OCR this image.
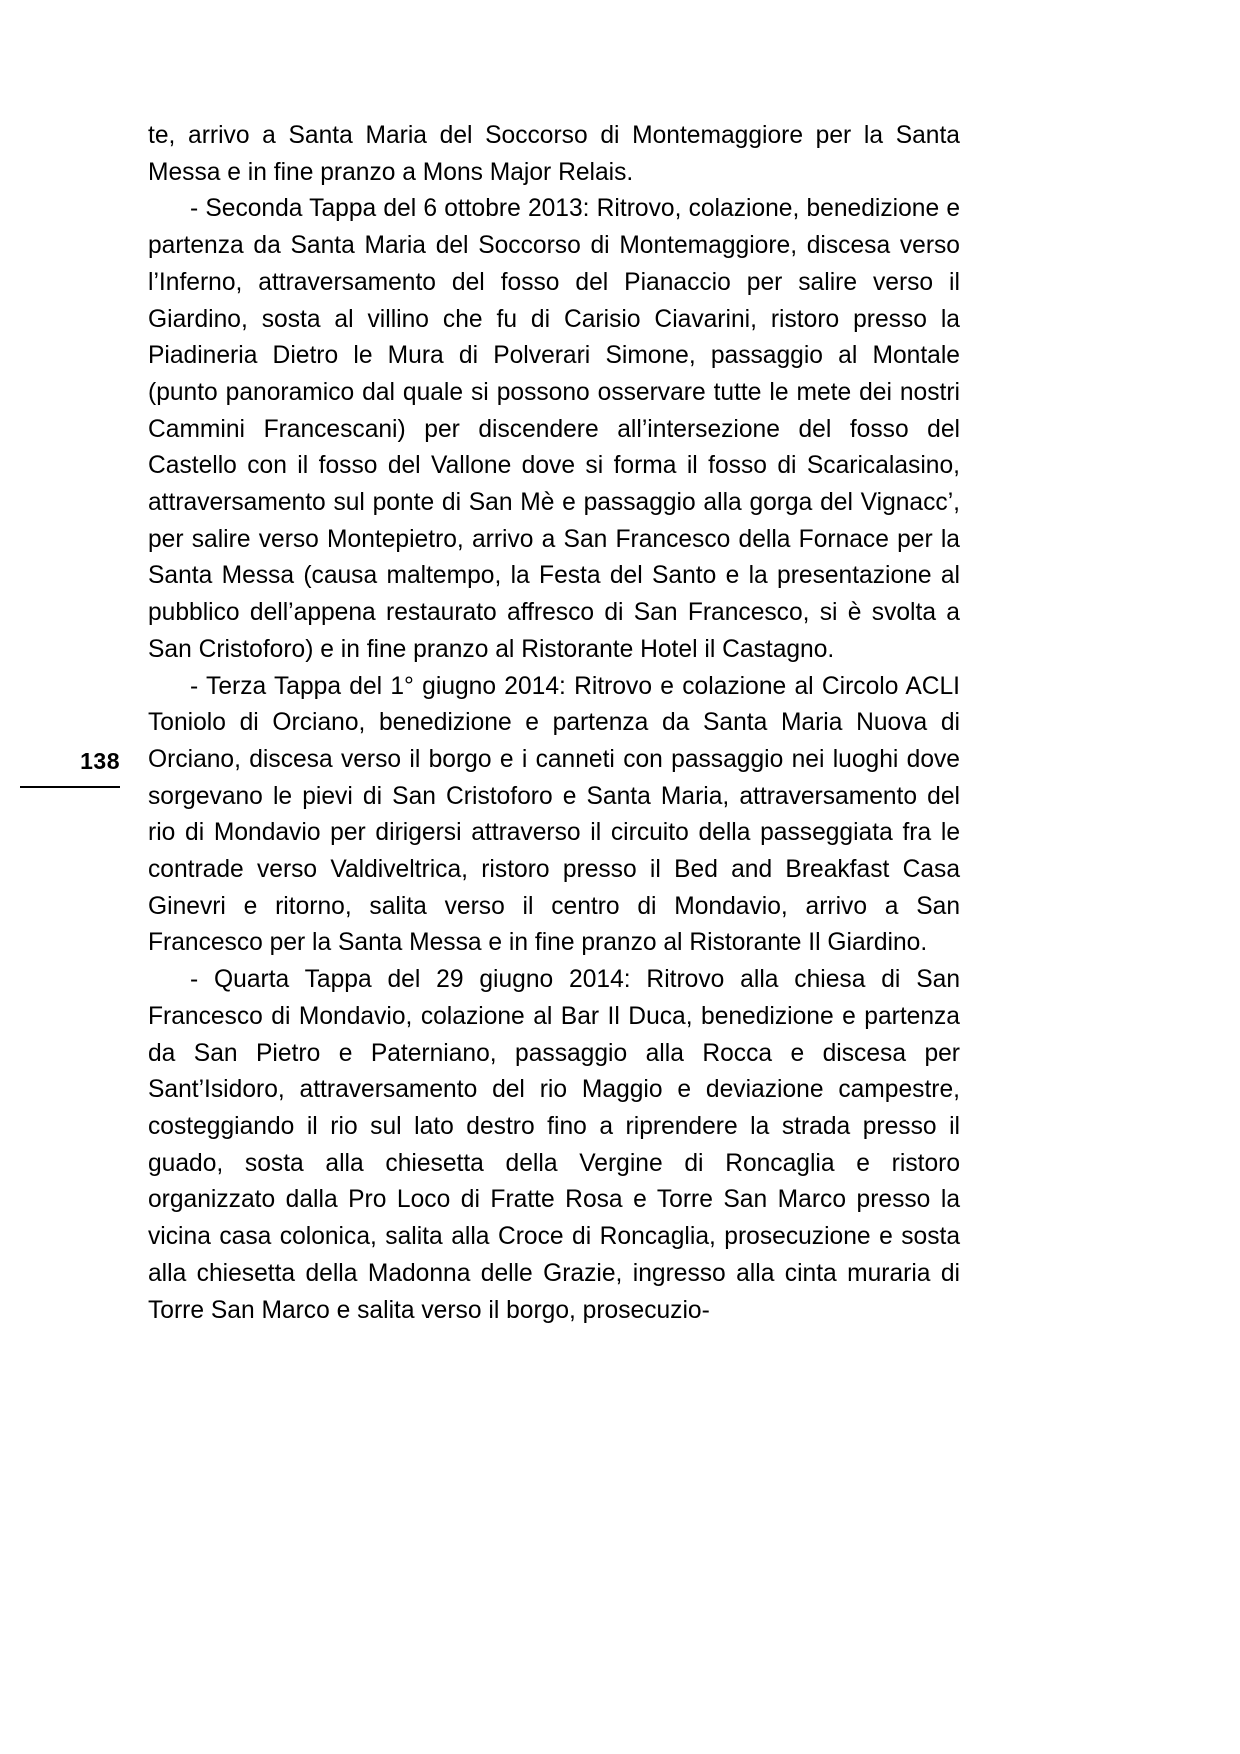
138

te, arrivo a Santa Maria del Soccorso di Montemaggiore per la Santa Messa e in fine pranzo a Mons Major Relais.

- Seconda Tappa del 6 ottobre 2013: Ritrovo, colazione, benedizione e partenza da Santa Maria del Soccorso di Montemaggiore, discesa verso l’Inferno, attraversamento del fosso del Pianaccio per salire verso il Giardino, sosta al villino che fu di Carisio Ciavarini, ristoro presso la Piadineria Dietro le Mura di Polverari Simone, passaggio al Montale (punto panoramico dal quale si possono osservare tutte le mete dei nostri Cammini Francescani) per discendere all’intersezione del fosso del Castello con il fosso del Vallone dove si forma il fosso di Scaricalasino, attraversamento sul ponte di San Mè e passaggio alla gorga del Vignacc’, per salire verso Montepietro, arrivo a San Francesco della Fornace per la Santa Messa (causa maltempo, la Festa del Santo e la presentazione al pubblico dell’appena restaurato affresco di San Francesco, si è svolta a San Cristoforo) e in fine pranzo al Ristorante Hotel il Castagno.

- Terza Tappa del 1° giugno 2014: Ritrovo e colazione al Circolo ACLI Toniolo di Orciano, benedizione e partenza da Santa Maria Nuova di Orciano, discesa verso il borgo e i canneti con passaggio nei luoghi dove sorgevano le pievi di San Cristoforo e Santa Maria, attraversamento del rio di Mondavio per dirigersi attraverso il circuito della passeggiata fra le contrade verso Valdiveltrica, ristoro presso il Bed and Breakfast Casa Ginevri e ritorno, salita verso il centro di Mondavio, arrivo a San Francesco per la Santa Messa e in fine pranzo al Ristorante Il Giardino.

- Quarta Tappa del 29 giugno 2014: Ritrovo alla chiesa di San Francesco di Mondavio, colazione al Bar Il Duca, benedizione e partenza da San Pietro e Paterniano, passaggio alla Rocca e discesa per Sant’Isidoro, attraversamento del rio Maggio e deviazione campestre, costeggiando il rio sul lato destro fino a riprendere la strada presso il guado, sosta alla chiesetta della Vergine di Roncaglia e ristoro organizzato dalla Pro Loco di Fratte Rosa e Torre San Marco presso la vicina casa colonica, salita alla Croce di Roncaglia, prosecuzione e sosta alla chiesetta della Madonna delle Grazie, ingresso alla cinta muraria di Torre San Marco e salita verso il borgo, prosecuzio-
